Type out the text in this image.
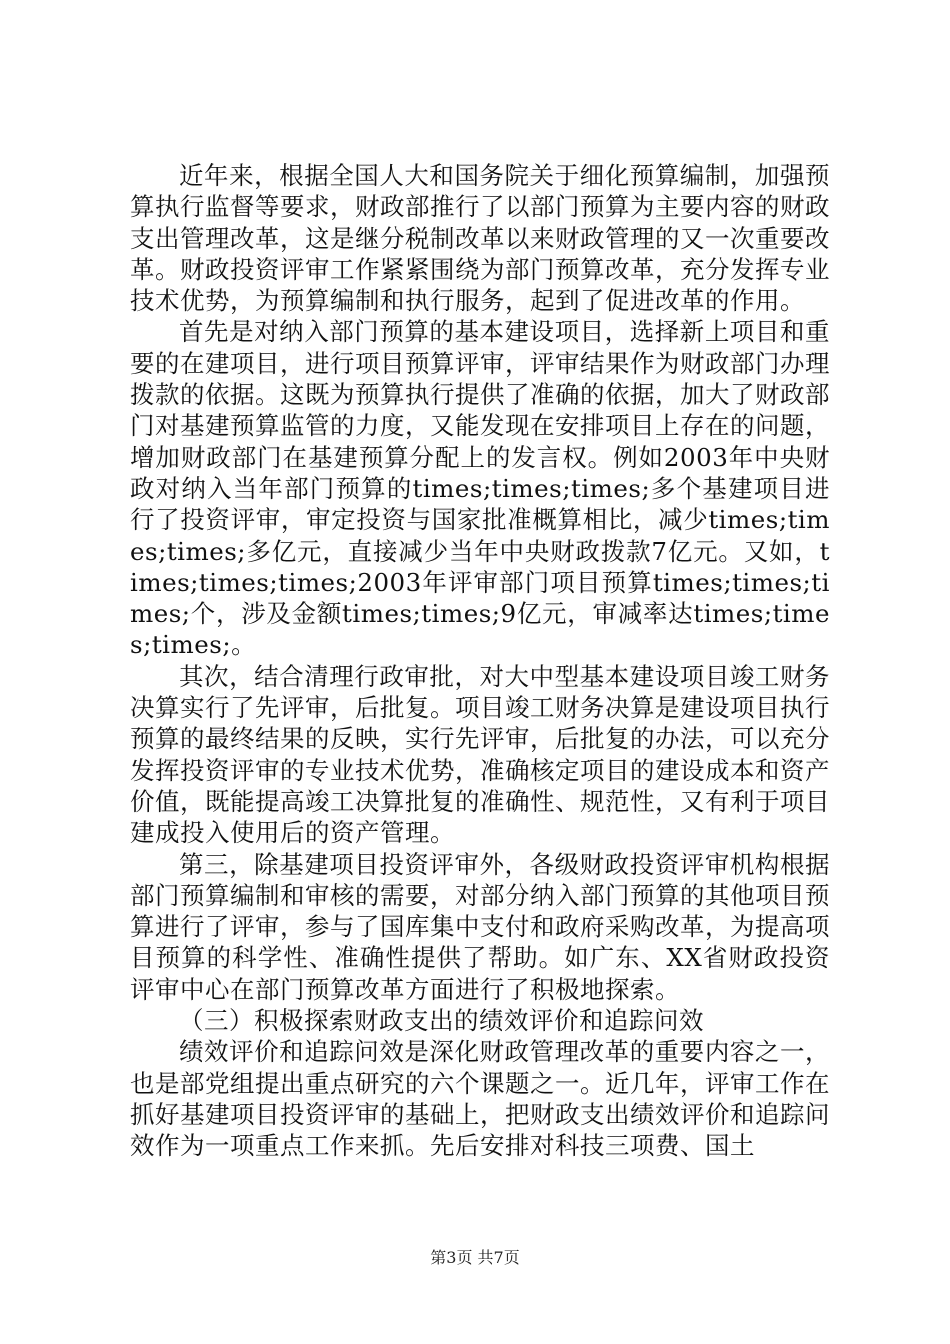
近年来，根据全国人大和国务院关于细化预算编制，加强预算执行监督等要求，财政部推行了以部门预算为主要内容的财政支出管理改革，这是继分税制改革以来财政管理的又一次重要改革。财政投资评审工作紧紧围绕为部门预算改革，充分发挥专业技术优势，为预算编制和执行服务，起到了促进改革的作用。

首先是对纳入部门预算的基本建设项目，选择新上项目和重要的在建项目，进行项目预算评审，评审结果作为财政部门办理拨款的依据。这既为预算执行提供了准确的依据，加大了财政部门对基建预算监管的力度，又能发现在安排项目上存在的问题，增加财政部门在基建预算分配上的发言权。例如2003年中央财政对纳入当年部门预算的times;times;times;多个基建项目进行了投资评审，审定投资与国家批准概算相比，减少times;times;times;多亿元，直接减少当年中央财政拨款7亿元。又如，times;times;times;2003年评审部门项目预算times;times;times;个，涉及金额times;times;9亿元，审减率达times;times;times;。

其次，结合清理行政审批，对大中型基本建设项目竣工财务决算实行了先评审，后批复。项目竣工财务决算是建设项目执行预算的最终结果的反映，实行先评审，后批复的办法，可以充分发挥投资评审的专业技术优势，准确核定项目的建设成本和资产价值，既能提高竣工决算批复的准确性、规范性，又有利于项目建成投入使用后的资产管理。

第三，除基建项目投资评审外，各级财政投资评审机构根据部门预算编制和审核的需要，对部分纳入部门预算的其他项目预算进行了评审，参与了国库集中支付和政府采购改革，为提高项目预算的科学性、准确性提供了帮助。如广东、XX省财政投资评审中心在部门预算改革方面进行了积极地探索。

（三）积极探索财政支出的绩效评价和追踪问效

绩效评价和追踪问效是深化财政管理改革的重要内容之一，也是部党组提出重点研究的六个课题之一。近几年，评审工作在抓好基建项目投资评审的基础上，把财政支出绩效评价和追踪问效作为一项重点工作来抓。先后安排对科技三项费、国土

第3页 共7页
